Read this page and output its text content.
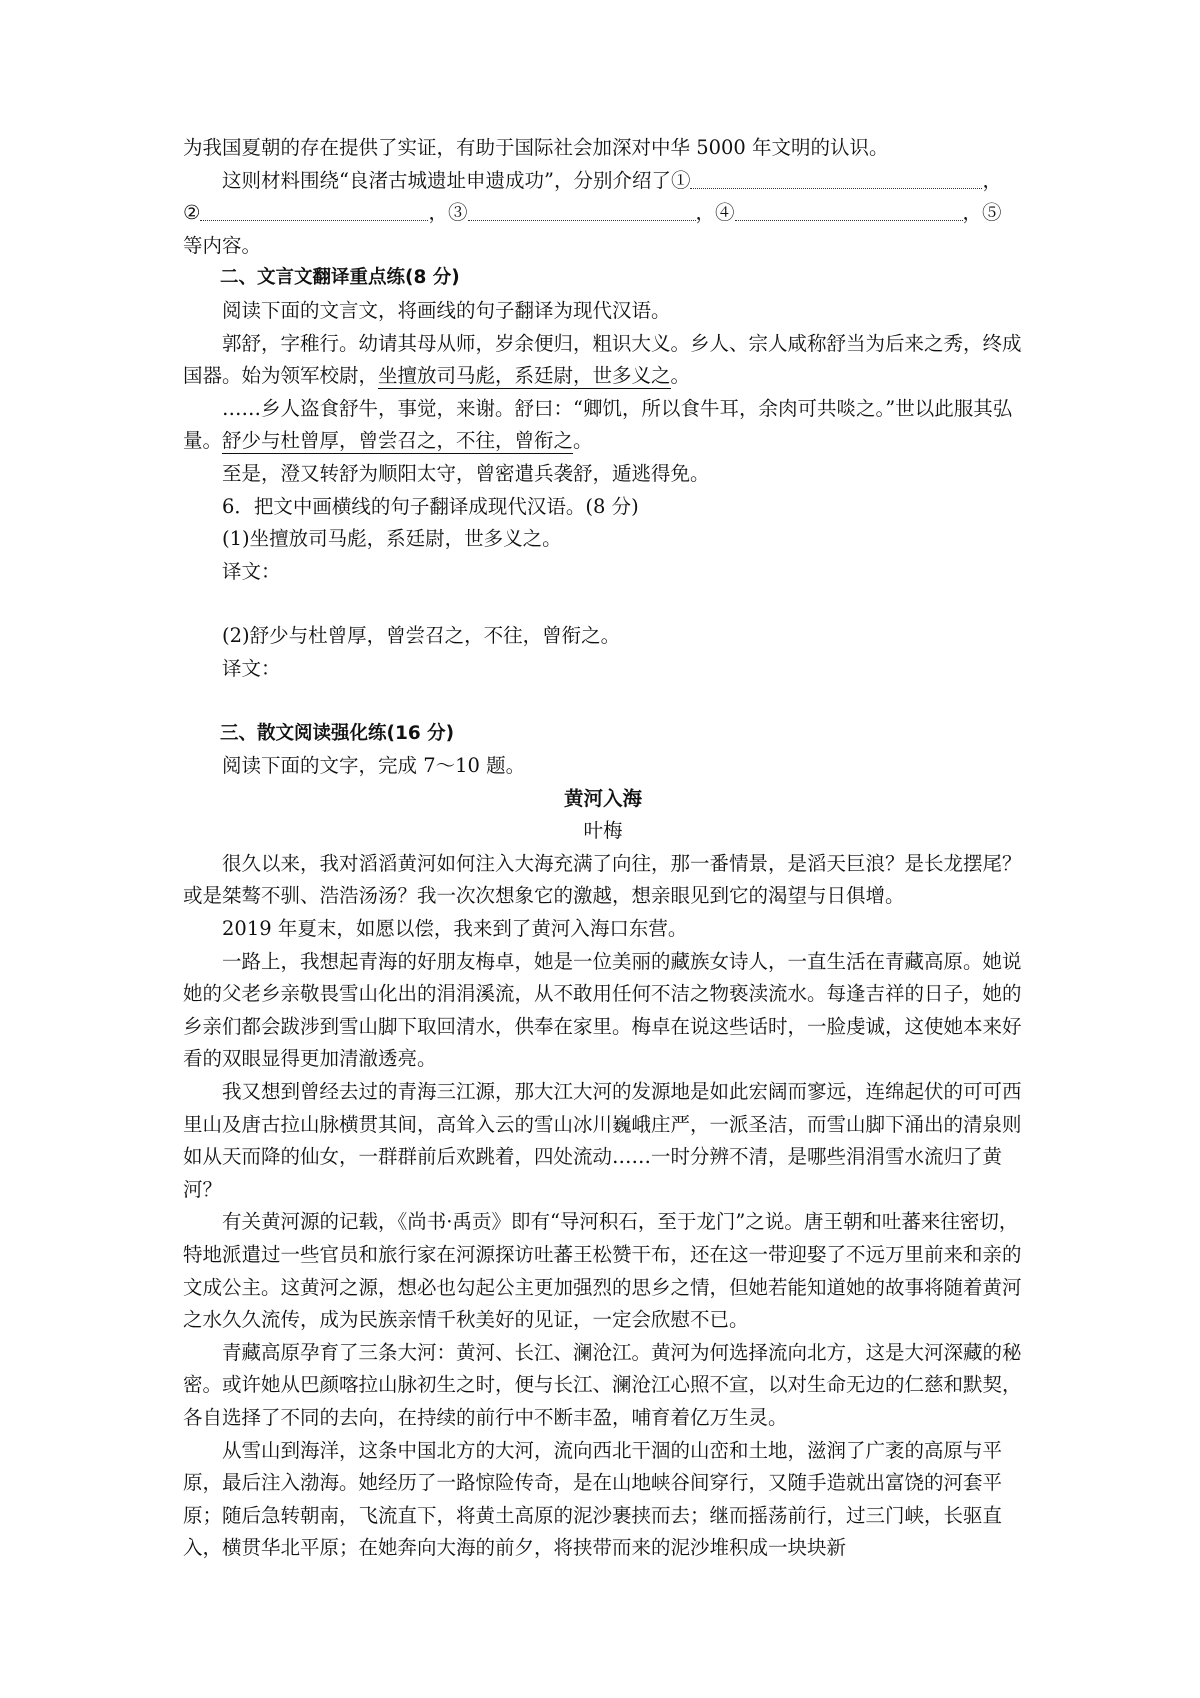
为我国夏朝的存在提供了实证，有助于国际社会加深对中华 5000 年文明的认识。

这则材料围绕“良渚古城遗址申遗成功”，分别介绍了①	，

②	，③	，④	，⑤

等内容。

二、文言文翻译重点练(8 分)

阅读下面的文言文，将画线的句子翻译为现代汉语。

郭舒，字稚行。幼请其母从师，岁余便归，粗识大义。乡人、宗人咸称舒当为后来之秀，终成国器。始为领军校尉，坐擅放司马彪，系廷尉，世多义之。

……乡人盗食舒牛，事觉，来谢。舒曰：“卿饥，所以食牛耳，余肉可共啖之。”世以此服其弘量。舒少与杜曾厚，曾尝召之，不往，曾衔之。

至是，澄又转舒为顺阳太守，曾密遣兵袭舒，遁逃得免。

6．把文中画横线的句子翻译成现代汉语。(8 分)

(1)坐擅放司马彪，系廷尉，世多义之。

译文：

(2)舒少与杜曾厚，曾尝召之，不往，曾衔之。

译文：

三、散文阅读强化练(16 分)

阅读下面的文字，完成 7～10 题。

黄河入海

叶梅

很久以来，我对滔滔黄河如何注入大海充满了向往，那一番情景，是滔天巨浪？是长龙摆尾？或是桀骜不驯、浩浩汤汤？我一次次想象它的激越，想亲眼见到它的渴望与日俱增。

2019 年夏末，如愿以偿，我来到了黄河入海口东营。

一路上，我想起青海的好朋友梅卓，她是一位美丽的藏族女诗人，一直生活在青藏高原。她说她的父老乡亲敬畏雪山化出的涓涓溪流，从不敢用任何不洁之物亵渎流水。每逢吉祥的日子，她的乡亲们都会跋涉到雪山脚下取回清水，供奉在家里。梅卓在说这些话时，一脸虔诚，这使她本来好看的双眼显得更加清澈透亮。

我又想到曾经去过的青海三江源，那大江大河的发源地是如此宏阔而寥远，连绵起伏的可可西里山及唐古拉山脉横贯其间，高耸入云的雪山冰川巍峨庄严，一派圣洁，而雪山脚下涌出的清泉则如从天而降的仙女，一群群前后欢跳着，四处流动……一时分辨不清，是哪些涓涓雪水流归了黄河？

有关黄河源的记载，《尚书·禹贡》即有“导河积石，至于龙门”之说。唐王朝和吐蕃来往密切，特地派遣过一些官员和旅行家在河源探访吐蕃王松赞干布，还在这一带迎娶了不远万里前来和亲的文成公主。这黄河之源，想必也勾起公主更加强烈的思乡之情，但她若能知道她的故事将随着黄河之水久久流传，成为民族亲情千秋美好的见证，一定会欣慰不已。

青藏高原孕育了三条大河：黄河、长江、澜沧江。黄河为何选择流向北方，这是大河深藏的秘密。或许她从巴颜喀拉山脉初生之时，便与长江、澜沧江心照不宣，以对生命无边的仁慈和默契，各自选择了不同的去向，在持续的前行中不断丰盈，哺育着亿万生灵。

从雪山到海洋，这条中国北方的大河，流向西北干涸的山峦和土地，滋润了广袤的高原与平原，最后注入渤海。她经历了一路惊险传奇，是在山地峡谷间穿行，又随手造就出富饶的河套平原；随后急转朝南，飞流直下，将黄土高原的泥沙裹挟而去；继而摇荡前行，过三门峡，长驱直入，横贯华北平原；在她奔向大海的前夕，将挟带而来的泥沙堆积成一块块新
